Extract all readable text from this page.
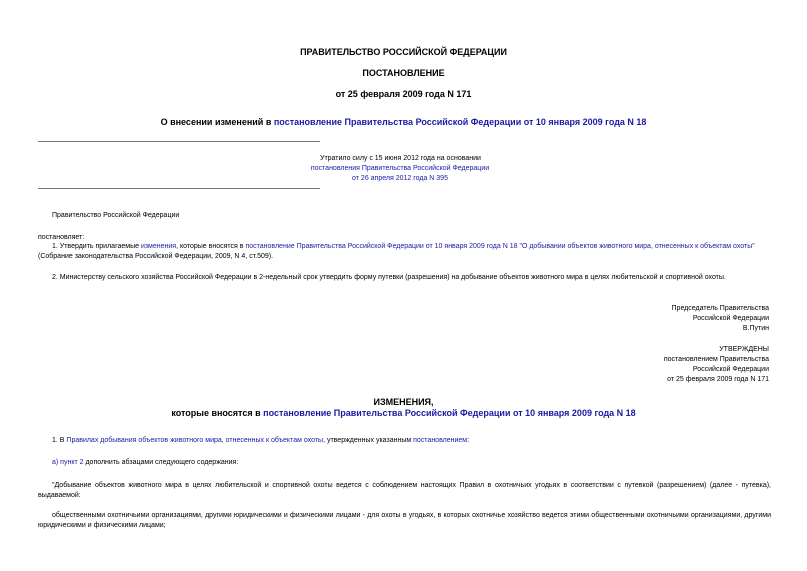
ПРАВИТЕЛЬСТВО РОССИЙСКОЙ ФЕДЕРАЦИИ
ПОСТАНОВЛЕНИЕ
от 25 февраля 2009 года N 171
О внесении изменений в постановление Правительства Российской Федерации от 10 января 2009 года N 18
Утратило силу с 15 июня 2012 года на основании
постановления Правительства Российской Федерации
от 26 апреля 2012 года N 395
Правительство Российской Федерации
постановляет:
1. Утвердить прилагаемые изменения, которые вносятся в постановление Правительства Российской Федерации от 10 января 2009 года N 18 "О добывании объектов животного мира, отнесенных к объектам охоты" (Собрание законодательства Российской Федерации, 2009, N 4, ст.509).
2. Министерству сельского хозяйства Российской Федерации в 2-недельный срок утвердить форму путевки (разрешения) на добывание объектов животного мира в целях любительской и спортивной охоты.
Председатель Правительства
Российской Федерации
В.Путин
УТВЕРЖДЕНЫ
постановлением Правительства
Российской Федерации
от 25 февраля 2009 года N 171
ИЗМЕНЕНИЯ,
которые вносятся в постановление Правительства Российской Федерации от 10 января 2009 года N 18
1. В Правилах добывания объектов животного мира, отнесенных к объектам охоты, утвержденных указанным постановлением:
а) пункт 2 дополнить абзацами следующего содержания:
"Добывание объектов животного мира в целях любительской и спортивной охоты ведется с соблюдением настоящих Правил в охотничьих угодьях в соответствии с путевкой (разрешением) (далее - путевка), выдаваемой:
общественными охотничьими организациями, другими юридическими и физическими лицами - для охоты в угодьях, в которых охотничье хозяйство ведется этими общественными охотничьими организациями, другими юридическими и физическими лицами;
